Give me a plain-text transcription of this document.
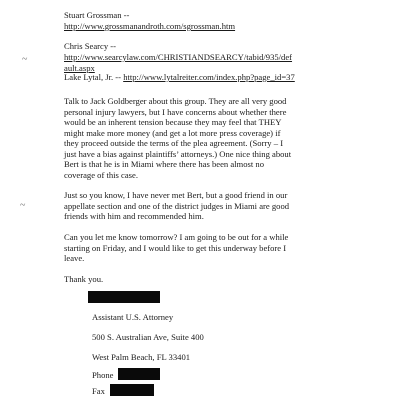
Stuart Grossman --
http://www.grossmanandroth.com/sgrossman.htm
Chris Searcy --
http://www.searcylaw.com/CHRISTIANDSEARCY/tabid/935/def
ault.aspx
Lake Lytal, Jr. -- http://www.lytalreiter.com/index.php?page_id=37
Talk to Jack Goldberger about this group. They are all very good
personal injury lawyers, but I have concerns about whether there
would be an inherent tension because they may feel that THEY
might make more money (and get a lot more press coverage) if
they proceed outside the terms of the plea agreement. (Sorry – I
just have a bias against plaintiffs’ attorneys.) One nice thing about
Bert is that he is in Miami where there has been almost no
coverage of this case.
Just so you know, I have never met Bert, but a good friend in our
appellate section and one of the district judges in Miami are good
friends with him and recommended him.
Can you let me know tomorrow? I am going to be out for a while
starting on Friday, and I would like to get this underway before I
leave.
Thank you.
Assistant U.S. Attorney
500 S. Australian Ave, Suite 400
West Palm Beach, FL 33401
Phone
Fax
~
~
